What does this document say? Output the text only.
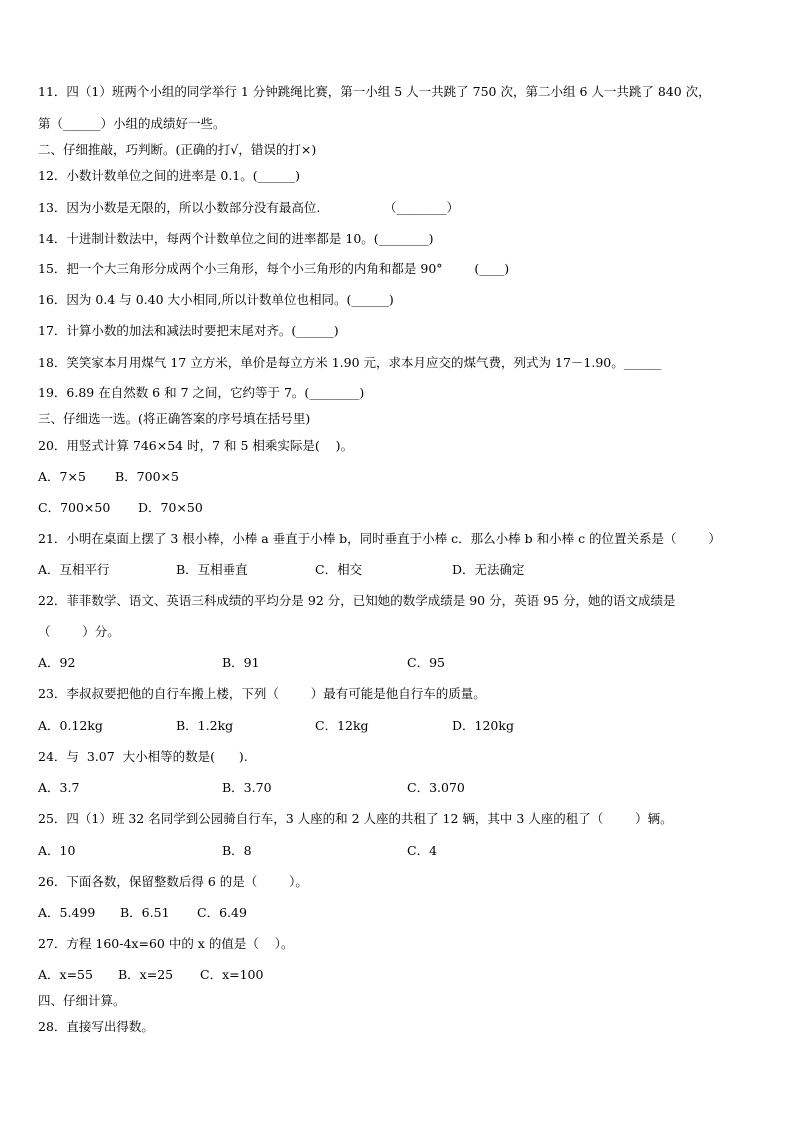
11．四（1）班两个小组的同学举行 1 分钟跳绳比赛，第一小组 5 人一共跳了 750 次，第二小组 6 人一共跳了 840 次，
第（______）小组的成绩好一些。
二、仔细推敲，巧判断。(正确的打√，错误的打×)
12．小数计数单位之间的进率是 0.1。(______)
13．因为小数是无限的，所以小数部分没有最高位.                （________）
14．十进制计数法中，每两个计数单位之间的进率都是 10。(________)
15．把一个大三角形分成两个小三角形，每个小三角形的内角和都是 90°        (____)
16．因为 0.4 与 0.40 大小相同,所以计数单位也相同。(______)
17．计算小数的加法和减法时要把末尾对齐。(______)
18．笑笑家本月用煤气 17 立方米，单价是每立方米 1.90 元，求本月应交的煤气费，列式为 17－1.90。______
19．6.89 在自然数 6 和 7 之间，它约等于 7。(________)
三、仔细选一选。(将正确答案的序号填在括号里)
20．用竖式计算 746×54 时，7 和 5 相乘实际是(    )。

A．7×5

B．700×5

C．700×50

D．70×50

21．小明在桌面上摆了 3 根小棒，小棒 a 垂直于小棒 b，同时垂直于小棒 c．那么小棒 b 和小棒 c 的位置关系是（        ）

A．互相平行

	B．互相垂直

	C．相交

	D．无法确定

22．菲菲数学、语文、英语三科成绩的平均分是 92 分，已知她的数学成绩是 90 分，英语 95 分，她的语文成绩是
（        ）分。

A．92

	B．91

	C．95

23．李叔叔要把他的自行车搬上楼，下列（        ）最有可能是他自行车的质量。

A．0.12kg

	B．1.2kg

	C．12kg

	D．120kg

24．与  3.07  大小相等的数是(      ).

A．3.7

	B．3.70

	C．3.070

25．四（1）班 32 名同学到公园骑自行车，3 人座的和 2 人座的共租了 12 辆，其中 3 人座的租了（        ）辆。

A．10

	B．8

	C．4

26．下面各数，保留整数后得 6 的是（        ）。

A．5.499

B．6.51

C．6.49

27．方程 160-4x=60 中的 x 的值是（    ）。

A．x=55

B．x=25

C．x=100

四、仔细计算。
28．直接写出得数。
